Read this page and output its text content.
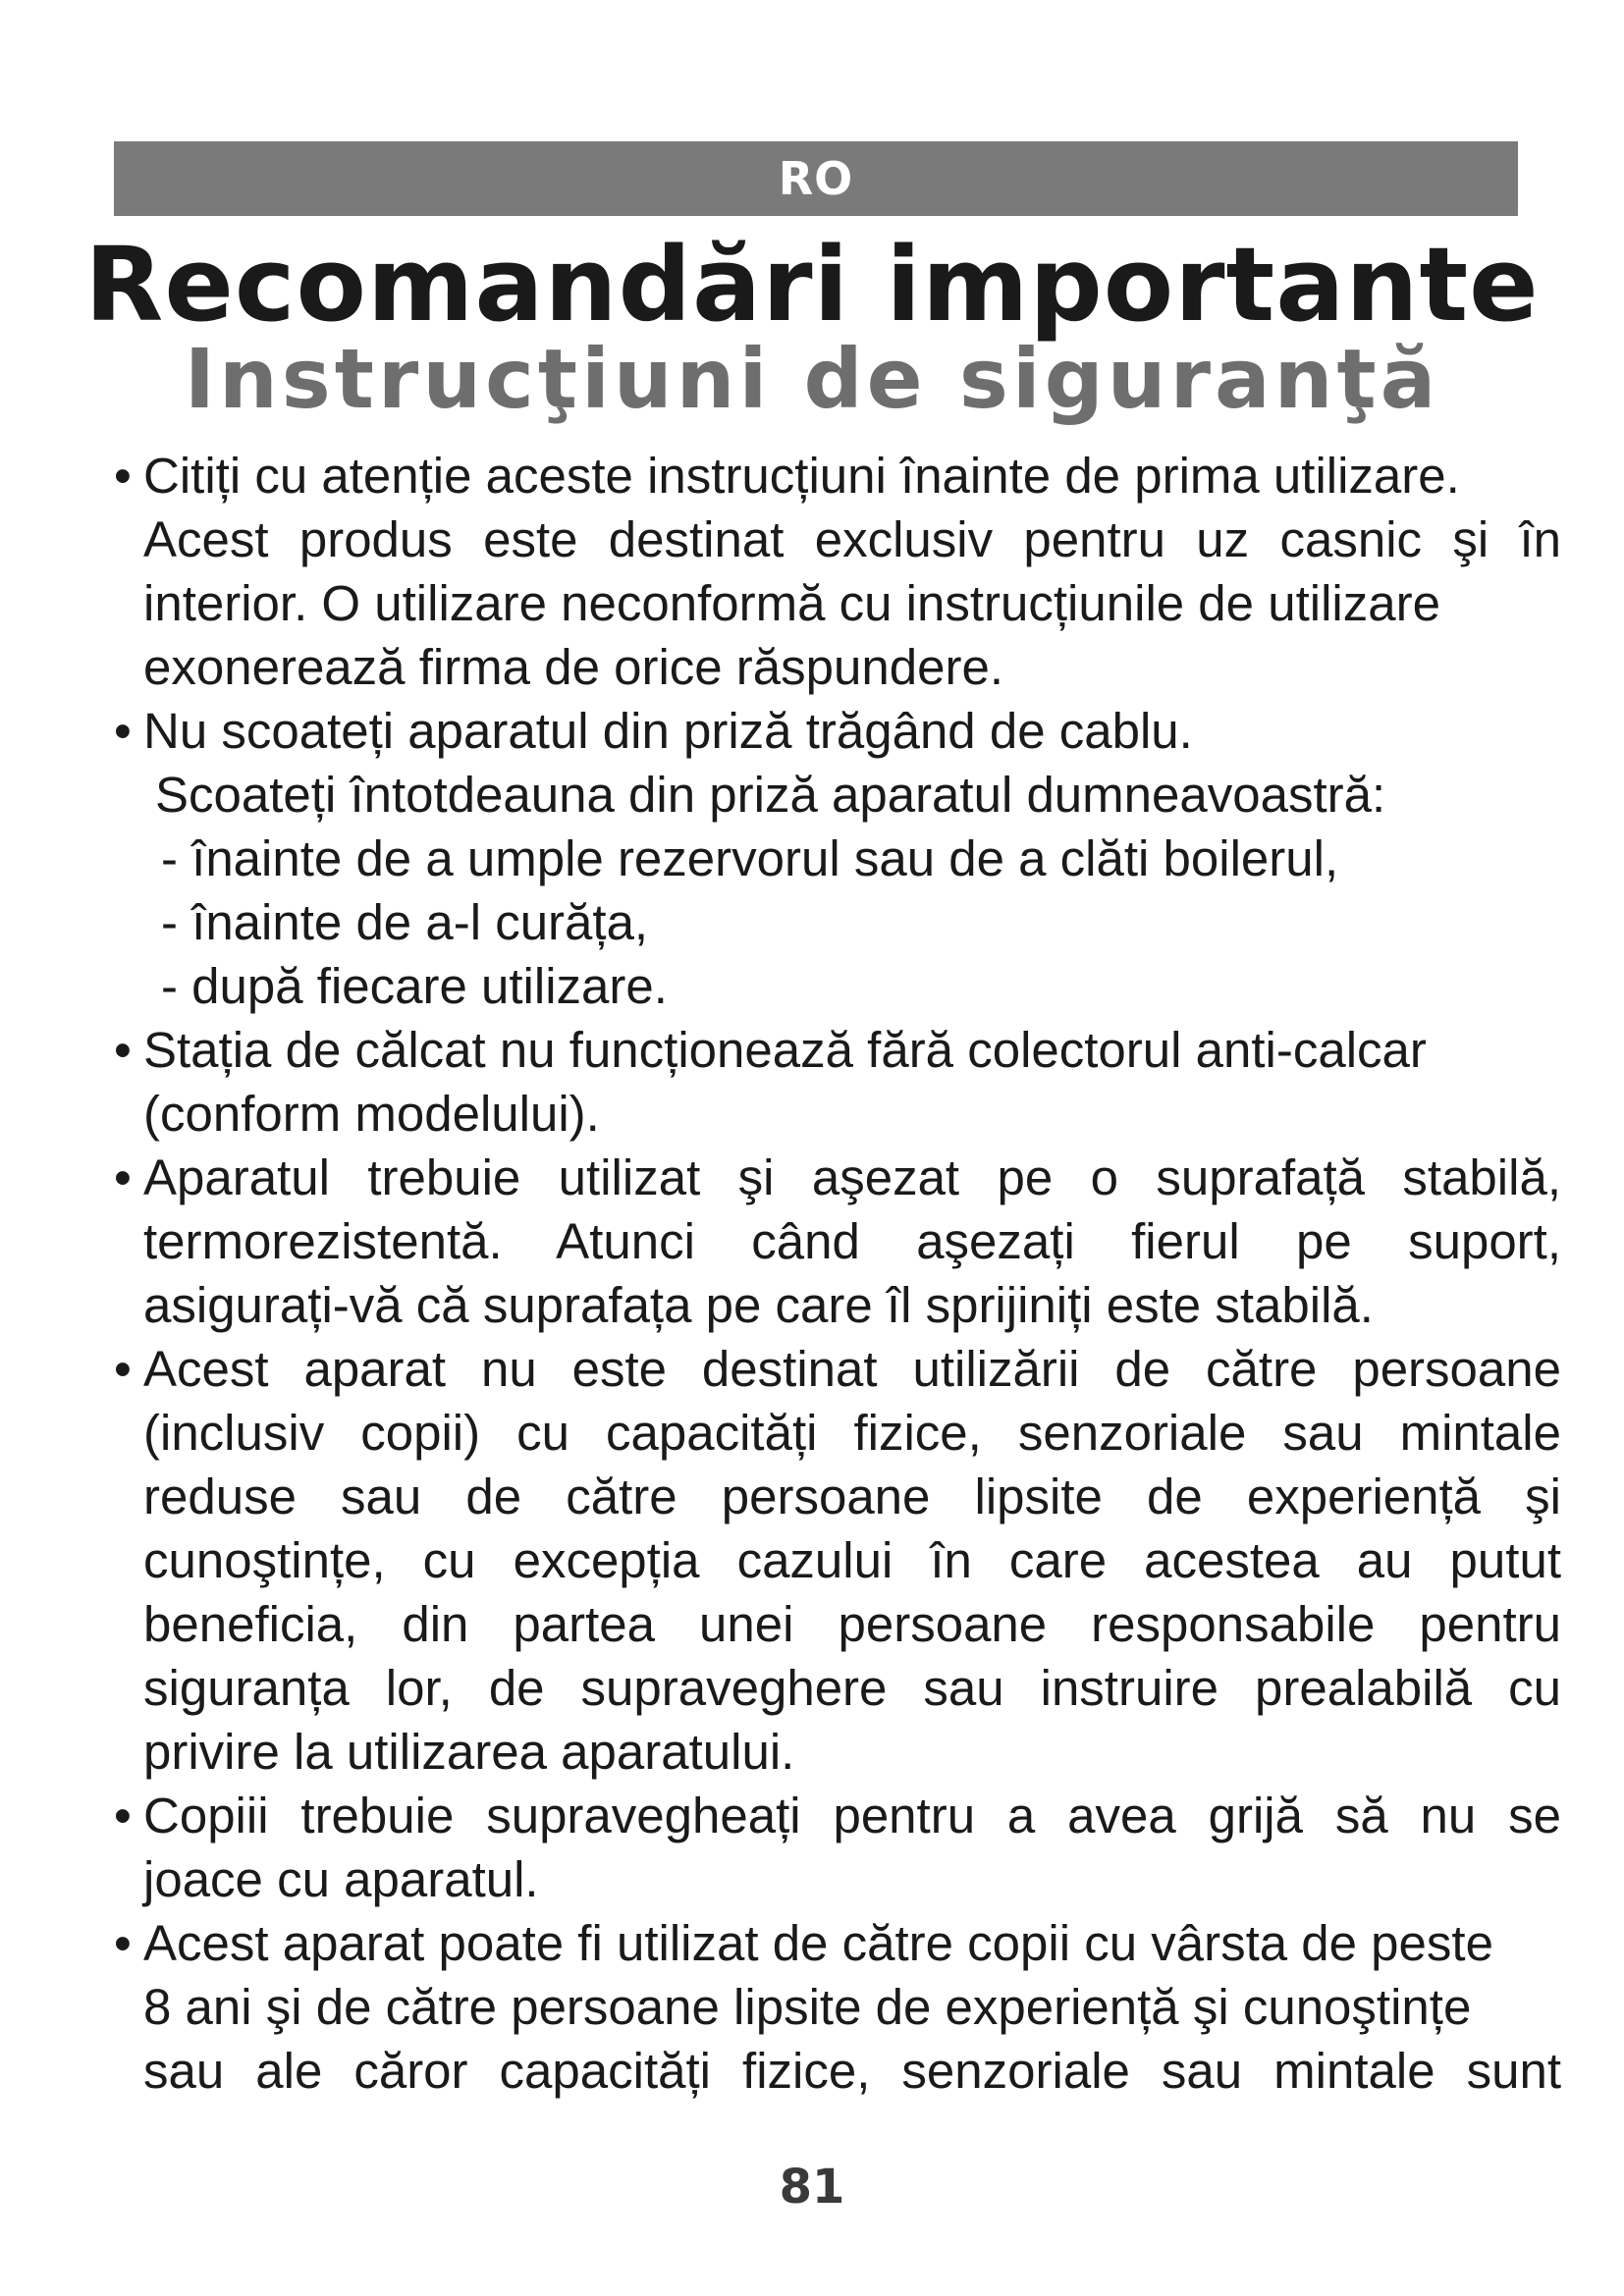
RO
Recomandări importante
Instrucţiuni de siguranţă
• Citiți cu atenție aceste instrucțiuni înainte de prima utilizare.
Acest produs este destinat exclusiv pentru uz casnic şi în
interior. O utilizare neconformă cu instrucțiunile de utilizare
exonerează firma de orice răspundere.
• Nu scoateți aparatul din priză trăgând de cablu.
Scoateți întotdeauna din priză aparatul dumneavoastră:
- înainte de a umple rezervorul sau de a clăti boilerul,
- înainte de a-l curăța,
- după fiecare utilizare.
• Stația de călcat nu funcționează fără colectorul anti-calcar
(conform modelului).
• Aparatul trebuie utilizat şi aşezat pe o suprafață stabilă,
termorezistentă. Atunci când aşezați fierul pe suport,
asigurați-vă că suprafața pe care îl sprijiniți este stabilă.
• Acest aparat nu este destinat utilizării de către persoane
(inclusiv copii) cu capacități fizice, senzoriale sau mintale
reduse sau de către persoane lipsite de experiență şi
cunoştințe, cu excepția cazului în care acestea au putut
beneficia, din partea unei persoane responsabile pentru
siguranța lor, de supraveghere sau instruire prealabilă cu
privire la utilizarea aparatului.
• Copiii trebuie supravegheați pentru a avea grijă să nu se
joace cu aparatul.
• Acest aparat poate fi utilizat de către copii cu vârsta de peste
8 ani şi de către persoane lipsite de experiență şi cunoştințe
sau ale căror capacități fizice, senzoriale sau mintale sunt
81
